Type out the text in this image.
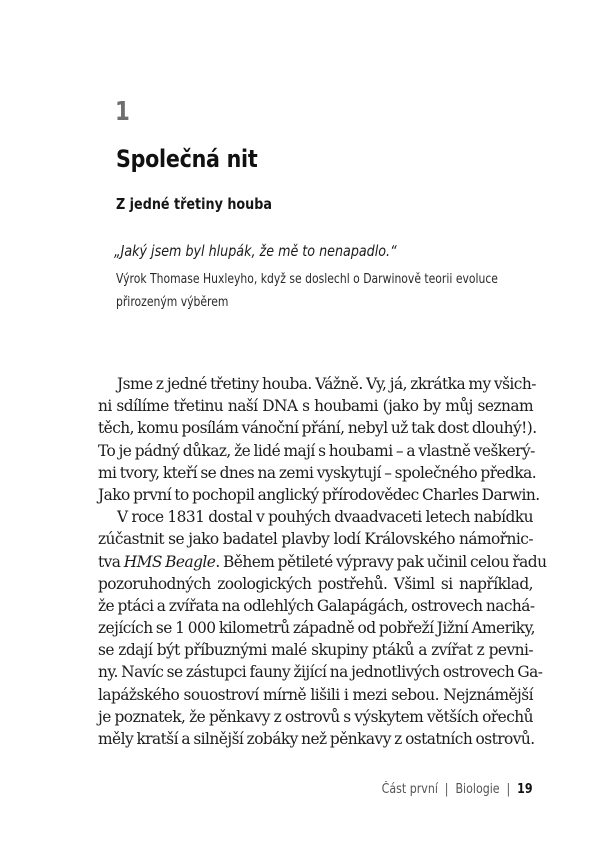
1
Společná nit
Z jedné třetiny houba
„Jaký jsem byl hlupák, že mě to nenapadlo.“
Výrok Thomase Huxleyho, když se doslechl o Darwinově teorii evoluce
přirozeným výběrem
Jsme z jedné třetiny houba. Vážně. Vy, já, zkrátka my všich-
ni sdílíme třetinu naší DNA s houbami (jako by můj seznam
těch, komu posílám vánoční přání, nebyl už tak dost dlouhý!).
To je pádný důkaz, že lidé mají s houbami – a vlastně veškerý-
mi tvory, kteří se dnes na zemi vyskytují – společného předka.
Jako první to pochopil anglický přírodovědec Charles Darwin.
V roce 1831 dostal v pouhých dvaadvaceti letech nabídku
zúčastnit se jako badatel plavby lodí Královského námořnic-
tva HMS Beagle. Během pětileté výpravy pak učinil celou řadu
pozoruhodných zoologických postřehů. Všiml si například,
že ptáci a zvířata na odlehlých Galapágách, ostrovech nachá-
zejících se 1 000 kilometrů západně od pobřeží Jižní Ameriky,
se zdají být příbuznými malé skupiny ptáků a zvířat z pevni-
ny. Navíc se zástupci fauny žijící na jednotlivých ostrovech Ga-
lapážského souostroví mírně lišili i mezi sebou. Nejznámější
je poznatek, že pěnkavy z ostrovů s výskytem větších ořechů
měly kratší a silnější zobáky než pěnkavy z ostatních ostrovů.
Část první | Biologie | 19
